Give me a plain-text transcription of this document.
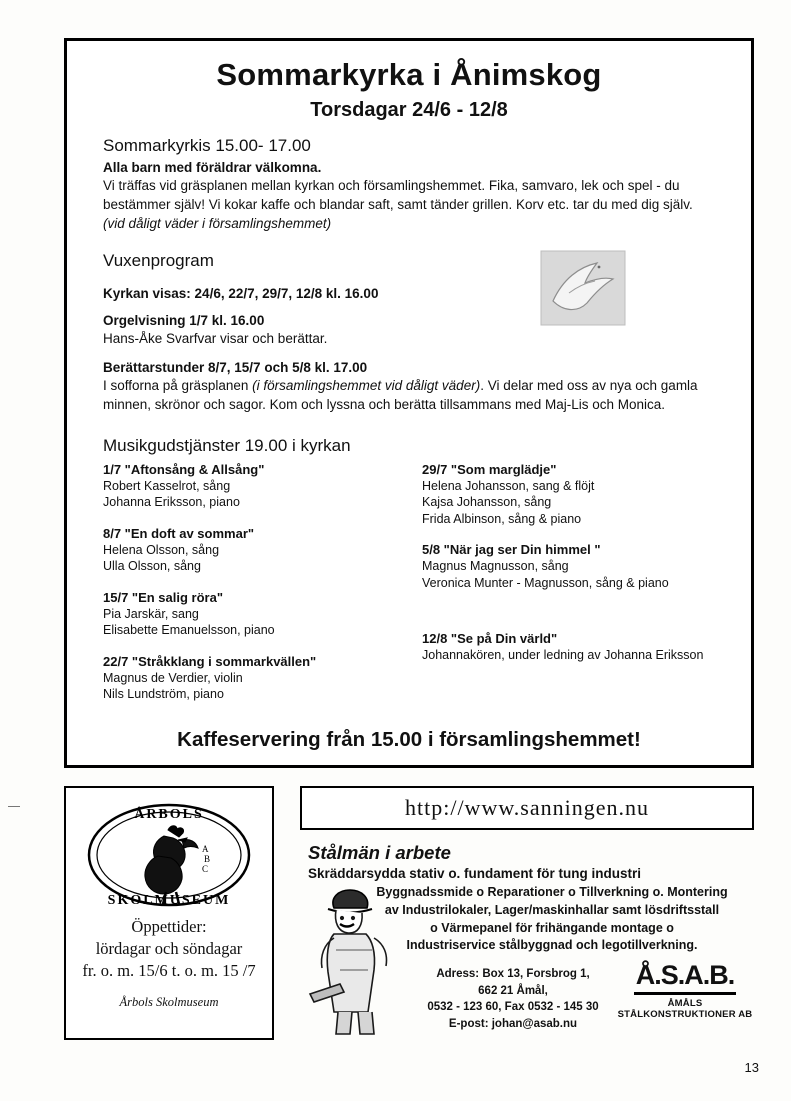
Sommarkyrka i Ånimskog
Torsdagar 24/6 - 12/8
Sommarkyrkis 15.00- 17.00
Alla barn med föräldrar välkomna.
Vi träffas vid gräsplanen mellan kyrkan och församlingshemmet. Fika, samvaro, lek och spel - du bestämmer själv! Vi kokar kaffe och blandar saft, samt tänder grillen. Korv etc. tar du med dig själv.
(vid dåligt väder i församlingshemmet)
Vuxenprogram
Kyrkan visas: 24/6, 22/7, 29/7, 12/8 kl. 16.00
Orgelvisning 1/7 kl. 16.00
Hans-Åke Svarfvar visar och berättar.
Berättarstunder 8/7, 15/7 och 5/8 kl. 17.00
I sofforna på gräsplanen (i församlingshemmet vid dåligt väder). Vi delar med oss av nya och gamla minnen, skrönor och sagor. Kom och lyssna och berätta tillsammans med Maj-Lis och Monica.
Musikgudstjänster 19.00 i kyrkan
1/7 "Aftonsång & Allsång"
Robert Kasselrot, sång
Johanna Eriksson, piano
8/7 "En doft av sommar"
Helena Olsson, sång
Ulla Olsson, sång
15/7 "En salig röra"
Pia Jarskär, sang
Elisabette Emanuelsson, piano
22/7 "Stråkklang i sommarkvällen"
Magnus de Verdier, violin
Nils Lundström, piano
29/7 "Som marglädje"
Helena Johansson, sang & flöjt
Kajsa Johansson, sång
Frida Albinson, sång & piano
5/8 "När jag ser Din himmel "
Magnus Magnusson, sång
Veronica Munter - Magnusson, sång & piano
12/8 "Se på Din värld"
Johannakören, under ledning av Johanna Eriksson
Kaffeservering från 15.00 i församlingshemmet!
ÅRBOLS
SKOLMUSEUM
A
B
C
Öppettider:
lördagar och söndagar
fr. o. m. 15/6 t. o. m. 15 /7
Årbols Skolmuseum
http://www.sanningen.nu
Stålmän i arbete
Skräddarsydda stativ o. fundament för tung industri
Byggnadssmide o Reparationer o Tillverkning o. Montering
av Industrilokaler, Lager/maskinhallar samt lösdriftsstall
o Värmepanel för frihängande montage o
Industriservice stålbyggnad och legotillverkning.
Adress: Box 13, Forsbrog 1,
662 21 Åmål,
0532 - 123 60, Fax 0532 - 145 30
E-post: johan@asab.nu
Å.S.A.B.
ÅMÅLS STÅLKONSTRUKTIONER AB
13
